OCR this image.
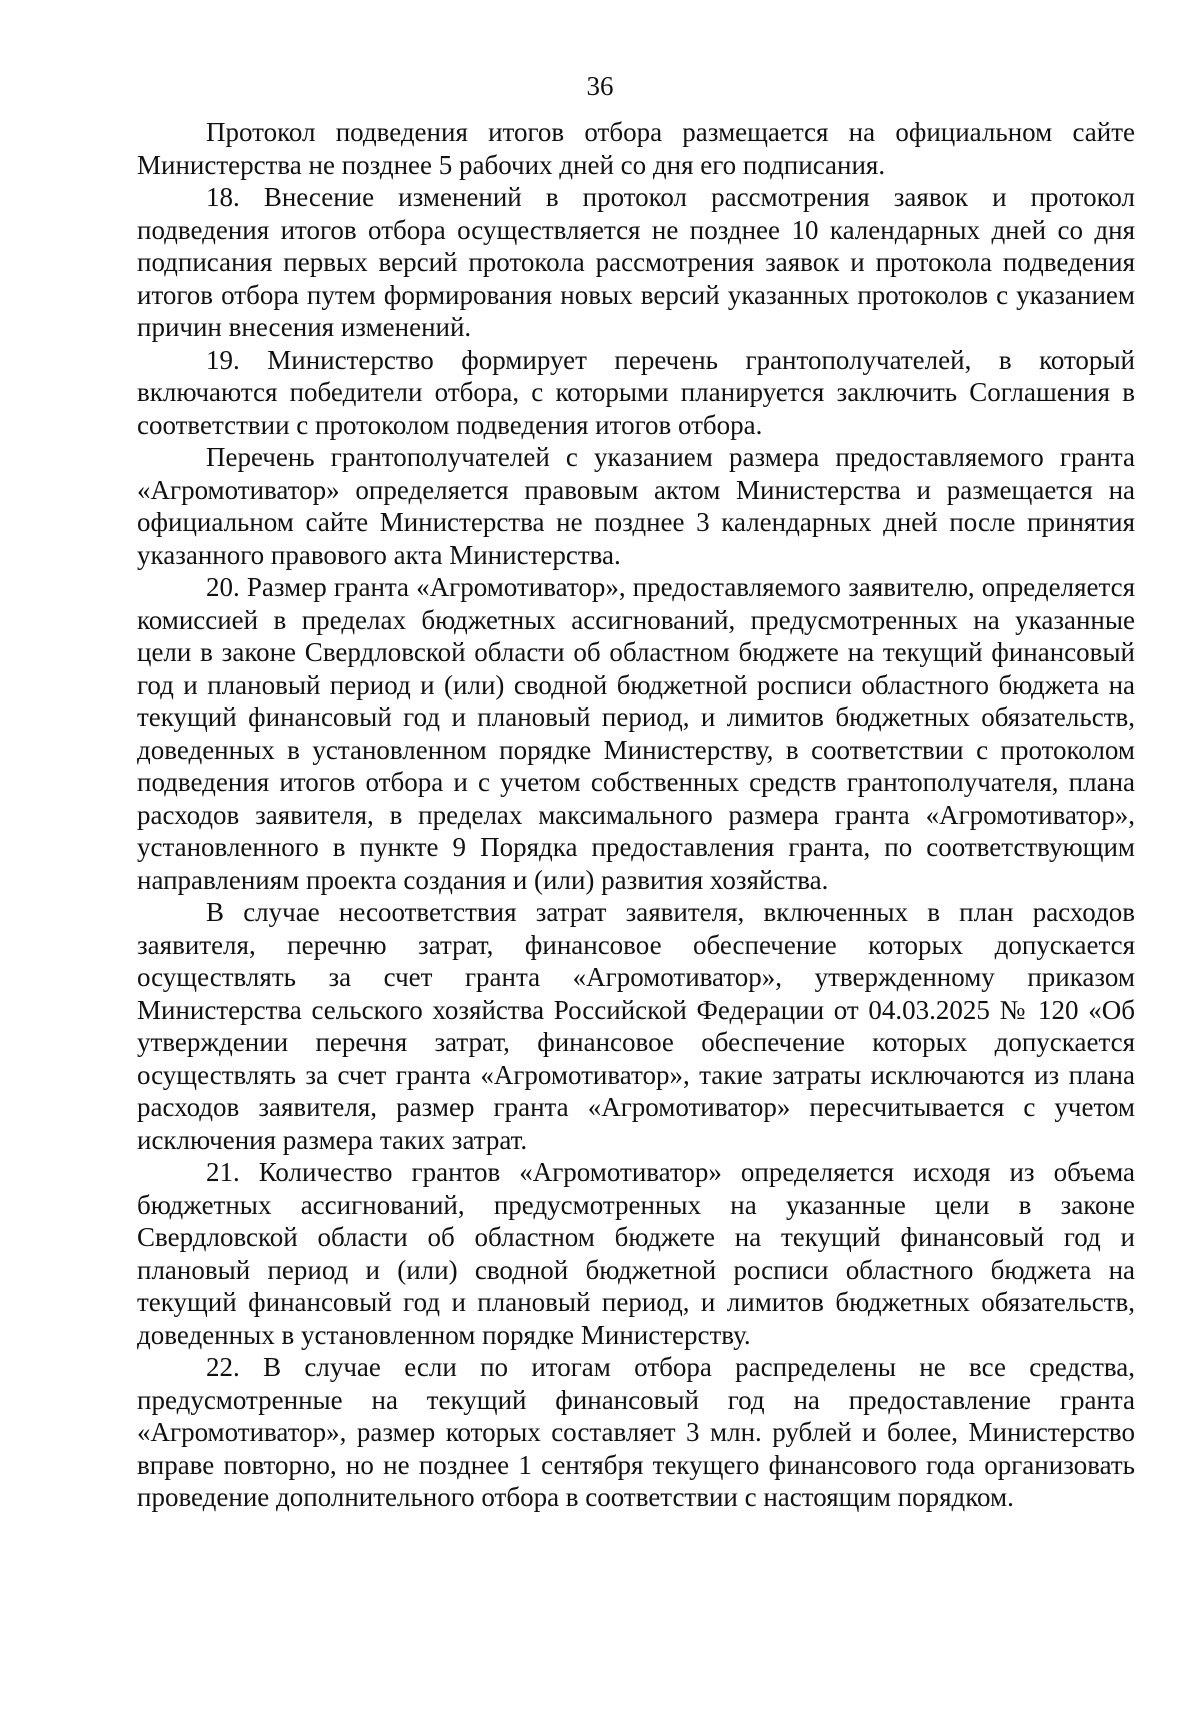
36

Протокол подведения итогов отбора размещается на официальном сайте Министерства не позднее 5 рабочих дней со дня его подписания.

18. Внесение изменений в протокол рассмотрения заявок и протокол подведения итогов отбора осуществляется не позднее 10 календарных дней со дня подписания первых версий протокола рассмотрения заявок и протокола подведения итогов отбора путем формирования новых версий указанных протоколов с указанием причин внесения изменений.

19. Министерство формирует перечень грантополучателей, в который включаются победители отбора, с которыми планируется заключить Соглашения в соответствии с протоколом подведения итогов отбора.

Перечень грантополучателей с указанием размера предоставляемого гранта «Агромотиватор» определяется правовым актом Министерства и размещается на официальном сайте Министерства не позднее 3 календарных дней после принятия указанного правового акта Министерства.

20. Размер гранта «Агромотиватор», предоставляемого заявителю, определяется комиссией в пределах бюджетных ассигнований, предусмотренных на указанные цели в законе Свердловской области об областном бюджете на текущий финансовый год и плановый период и (или) сводной бюджетной росписи областного бюджета на текущий финансовый год и плановый период, и лимитов бюджетных обязательств, доведенных в установленном порядке Министерству, в соответствии с протоколом подведения итогов отбора и с учетом собственных средств грантополучателя, плана расходов заявителя, в пределах максимального размера гранта «Агромотиватор», установленного в пункте 9 Порядка предоставления гранта, по соответствующим направлениям проекта создания и (или) развития хозяйства.

В случае несоответствия затрат заявителя, включенных в план расходов заявителя, перечню затрат, финансовое обеспечение которых допускается осуществлять за счет гранта «Агромотиватор», утвержденному приказом Министерства сельского хозяйства Российской Федерации от 04.03.2025 № 120 «Об утверждении перечня затрат, финансовое обеспечение которых допускается осуществлять за счет гранта «Агромотиватор», такие затраты исключаются из плана расходов заявителя, размер гранта «Агромотиватор» пересчитывается с учетом исключения размера таких затрат.

21. Количество грантов «Агромотиватор» определяется исходя из объема бюджетных ассигнований, предусмотренных на указанные цели в законе Свердловской области об областном бюджете на текущий финансовый год и плановый период и (или) сводной бюджетной росписи областного бюджета на текущий финансовый год и плановый период, и лимитов бюджетных обязательств, доведенных в установленном порядке Министерству.

22. В случае если по итогам отбора распределены не все средства, предусмотренные на текущий финансовый год на предоставление гранта «Агромотиватор», размер которых составляет 3 млн. рублей и более, Министерство вправе повторно, но не позднее 1 сентября текущего финансового года организовать проведение дополнительного отбора в соответствии с настоящим порядком.
